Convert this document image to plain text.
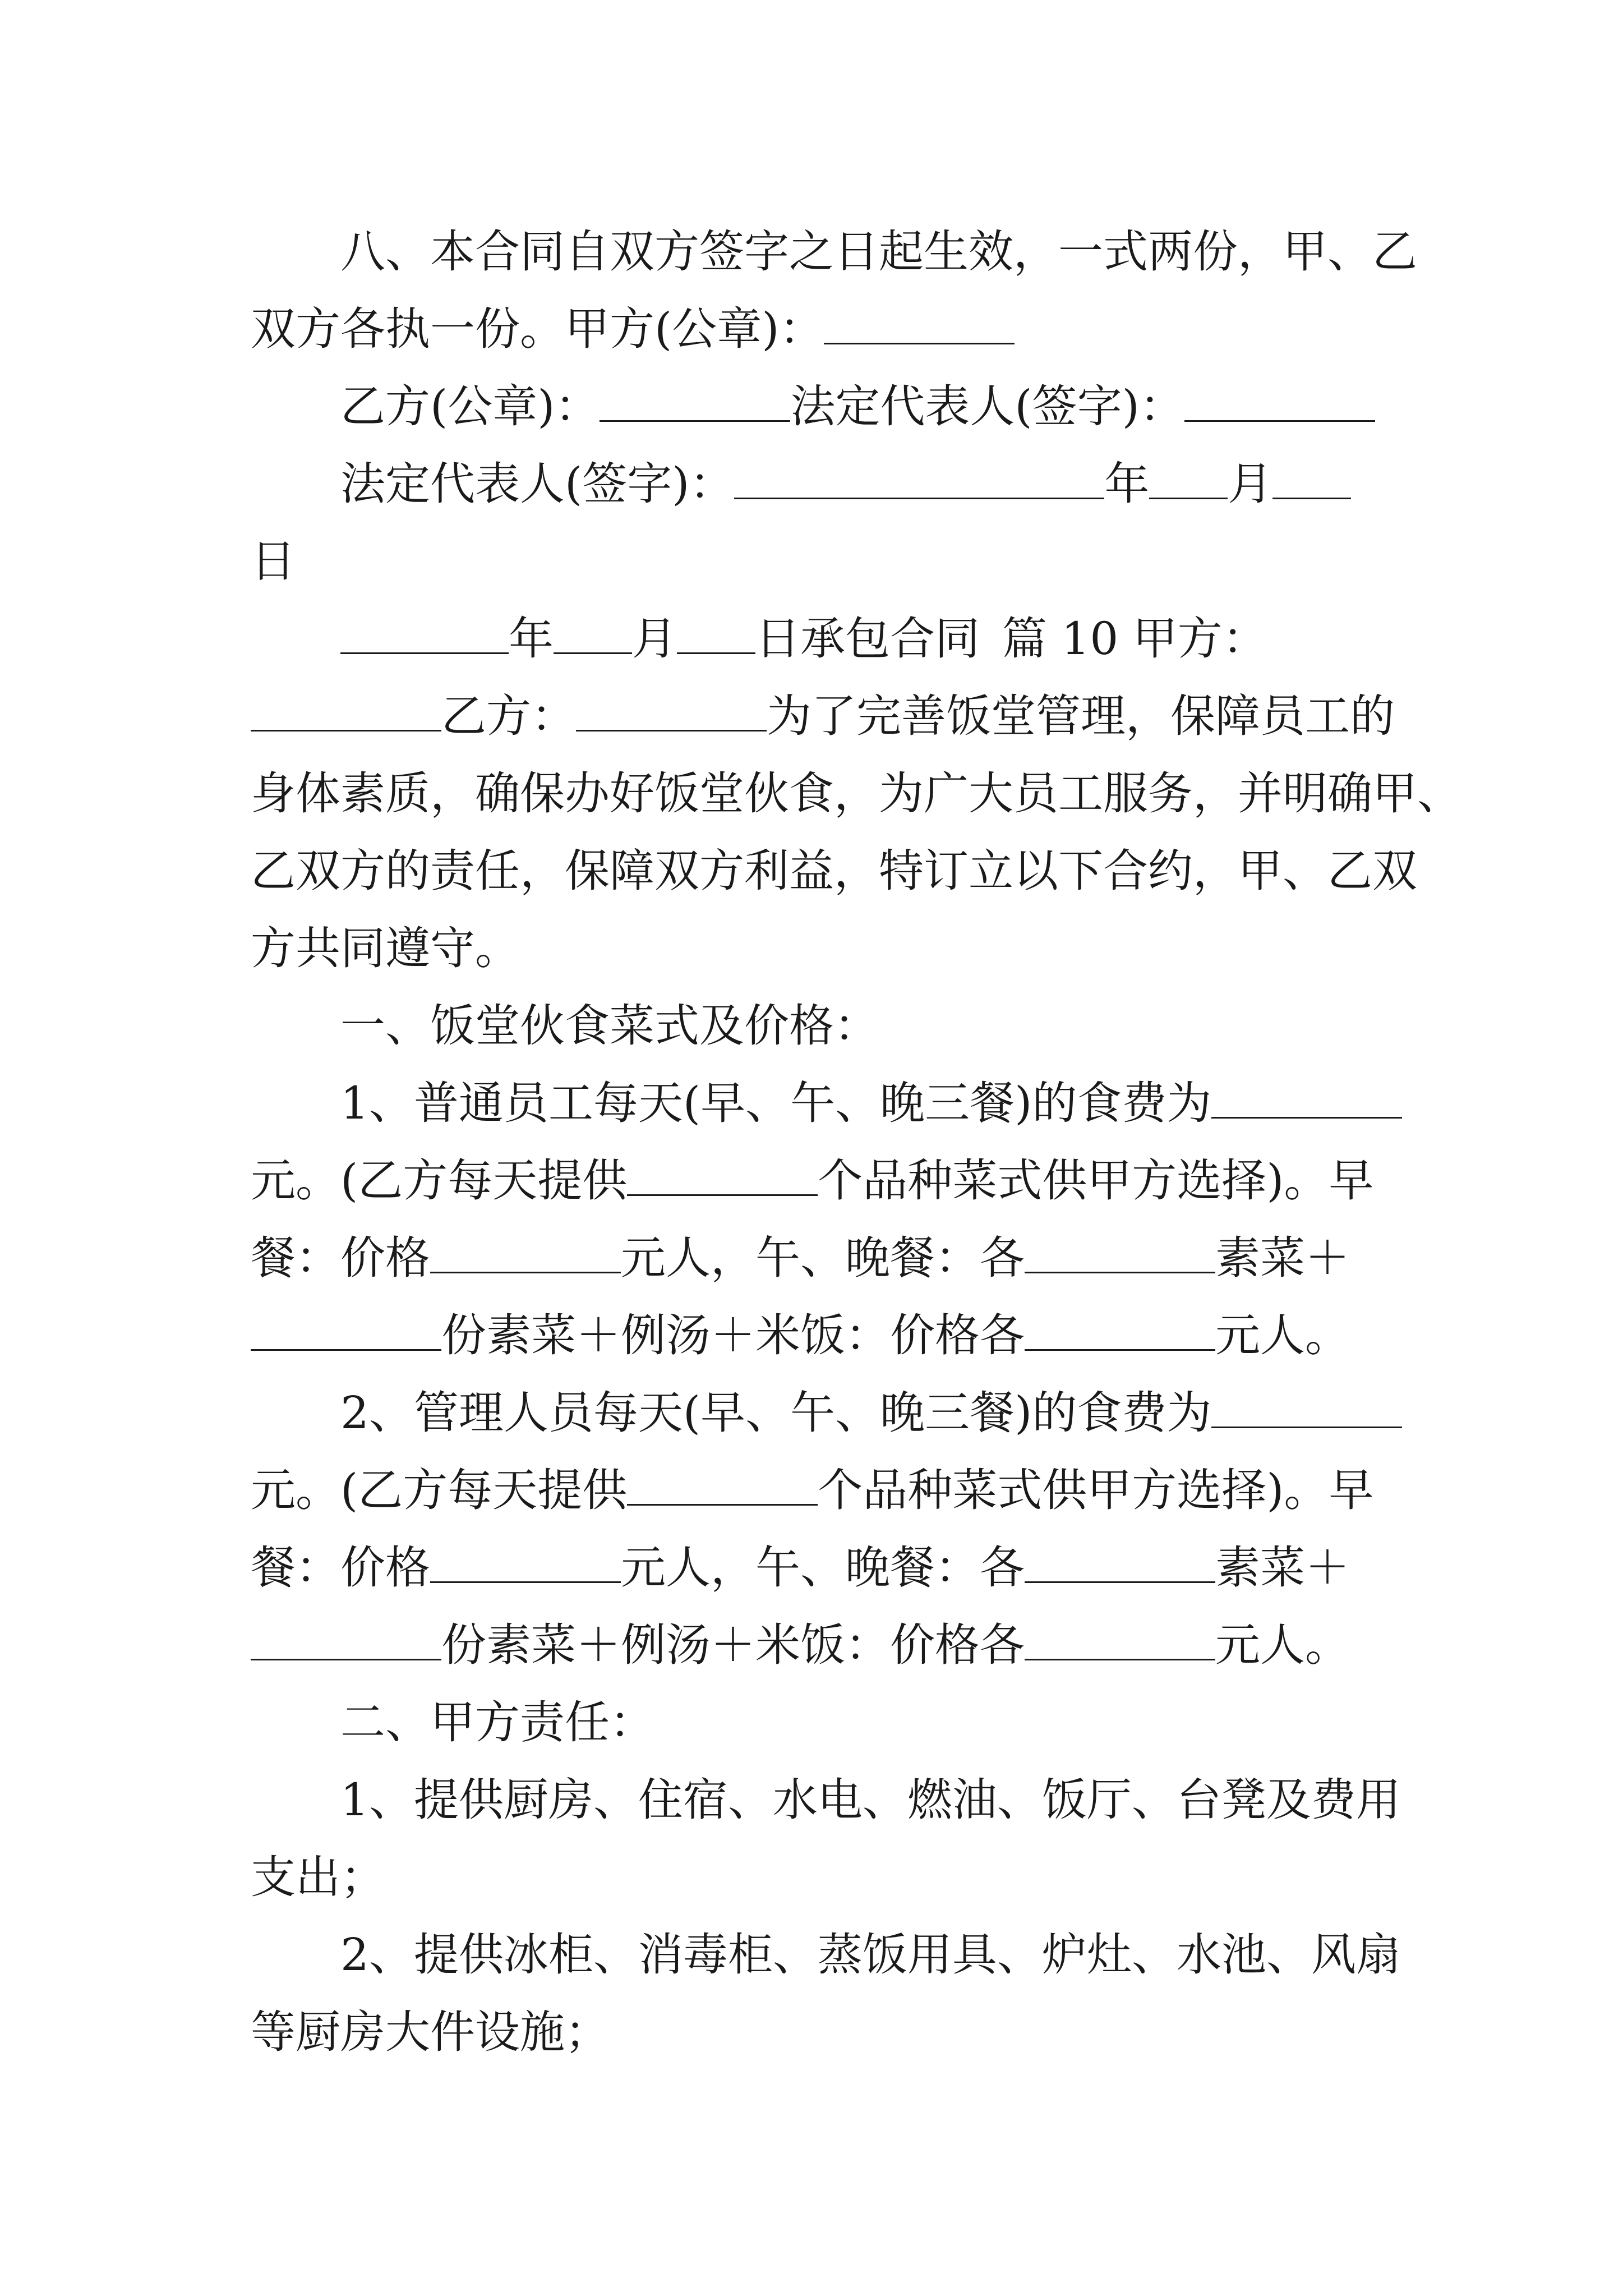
八、本合同自双方签字之日起生效，一式两份，甲、乙
双方各执一份。甲方(公章)：
乙方(公章)：	法定代表人(签字)：
法定代表人(签字)：	年 月
日
年 月 日承包合同 篇 10 甲方：
乙方：	为了完善饭堂管理，保障员工的
身体素质，确保办好饭堂伙食，为广大员工服务，并明确甲、
乙双方的责任，保障双方利益，特订立以下合约，甲、乙双
方共同遵守。
一、饭堂伙食菜式及价格：
1、普通员工每天(早、午、晚三餐)的食费为
元。(乙方每天提供	个品种菜式供甲方选择)。早
餐：价格	元人，午、晚餐：各	素菜＋
份素菜＋例汤＋米饭：价格各	元人。
2、管理人员每天(早、午、晚三餐)的食费为
元。(乙方每天提供	个品种菜式供甲方选择)。早
餐：价格	元人，午、晚餐：各	素菜＋
份素菜＋例汤＋米饭：价格各	元人。
二、甲方责任：
1、提供厨房、住宿、水电、燃油、饭厅、台凳及费用
支出；
2、提供冰柜、消毒柜、蒸饭用具、炉灶、水池、风扇
等厨房大件设施；
